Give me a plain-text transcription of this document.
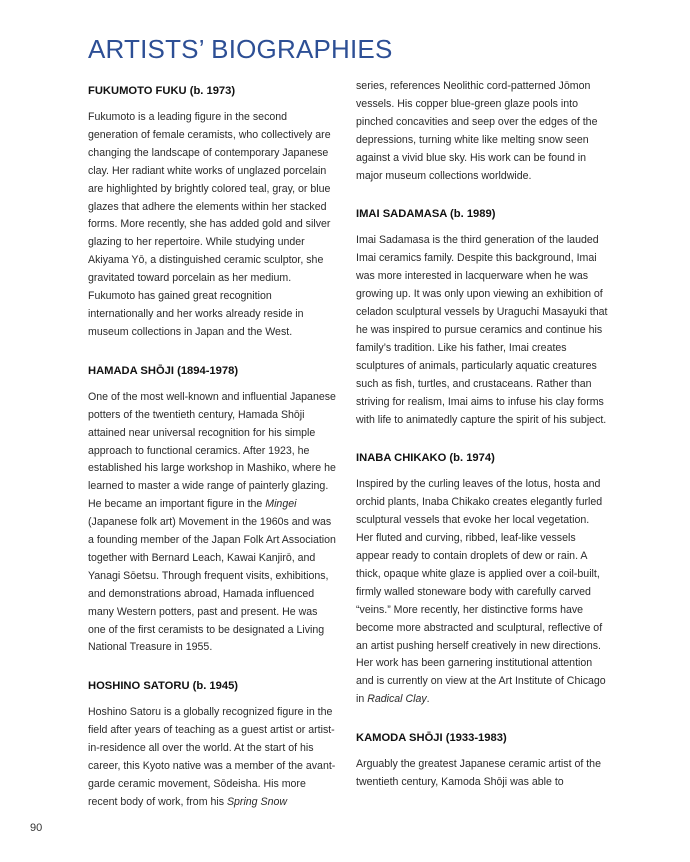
ARTISTS’ BIOGRAPHIES
FUKUMOTO FUKU (b. 1973)

Fukumoto is a leading figure in the second generation of female ceramists, who collectively are changing the landscape of contemporary Japanese clay. Her radiant white works of unglazed porcelain are highlighted by brightly colored teal, gray, or blue glazes that adhere the elements within her stacked forms. More recently, she has added gold and silver glazing to her repertoire. While studying under Akiyama Yō, a distinguished ceramic sculptor, she gravitated toward porcelain as her medium. Fukumoto has gained great recognition internationally and her works already reside in museum collections in Japan and the West.

HAMADA SHŌJI (1894-1978)

One of the most well-known and influential Japanese potters of the twentieth century, Hamada Shōji attained near universal recognition for his simple approach to functional ceramics. After 1923, he established his large workshop in Mashiko, where he learned to master a wide range of painterly glazing. He became an important figure in the Mingei (Japanese folk art) Movement in the 1960s and was a founding member of the Japan Folk Art Association together with Bernard Leach, Kawai Kanjirō, and Yanagi Sōetsu. Through frequent visits, exhibitions, and demonstrations abroad, Hamada influenced many Western potters, past and present. He was one of the first ceramists to be designated a Living National Treasure in 1955.

HOSHINO SATORU (b. 1945)

Hoshino Satoru is a globally recognized figure in the field after years of teaching as a guest artist or artist-in-residence all over the world. At the start of his career, this Kyoto native was a member of the avant-garde ceramic movement, Sōdeisha. His more recent body of work, from his Spring Snow

series, references Neolithic cord-patterned Jōmon vessels. His copper blue-green glaze pools into pinched concavities and seep over the edges of the depressions, turning white like melting snow seen against a vivid blue sky. His work can be found in major museum collections worldwide.

IMAI SADAMASA (b. 1989)

Imai Sadamasa is the third generation of the lauded Imai ceramics family. Despite this background, Imai was more interested in lacquerware when he was growing up. It was only upon viewing an exhibition of celadon sculptural vessels by Uraguchi Masayuki that he was inspired to pursue ceramics and continue his family’s tradition. Like his father, Imai creates sculptures of animals, particularly aquatic creatures such as fish, turtles, and crustaceans. Rather than striving for realism, Imai aims to infuse his clay forms with life to animatedly capture the spirit of his subject.

INABA CHIKAKO (b. 1974)

Inspired by the curling leaves of the lotus, hosta and orchid plants, Inaba Chikako creates elegantly furled sculptural vessels that evoke her local vegetation. Her fluted and curving, ribbed, leaf-like vessels appear ready to contain droplets of dew or rain. A thick, opaque white glaze is applied over a coil-built, firmly walled stoneware body with carefully carved “veins.” More recently, her distinctive forms have become more abstracted and sculptural, reflective of an artist pushing herself creatively in new directions. Her work has been garnering institutional attention and is currently on view at the Art Institute of Chicago in Radical Clay.

KAMODA SHŌJI (1933-1983)

Arguably the greatest Japanese ceramic artist of the twentieth century, Kamoda Shōji was able to

90
